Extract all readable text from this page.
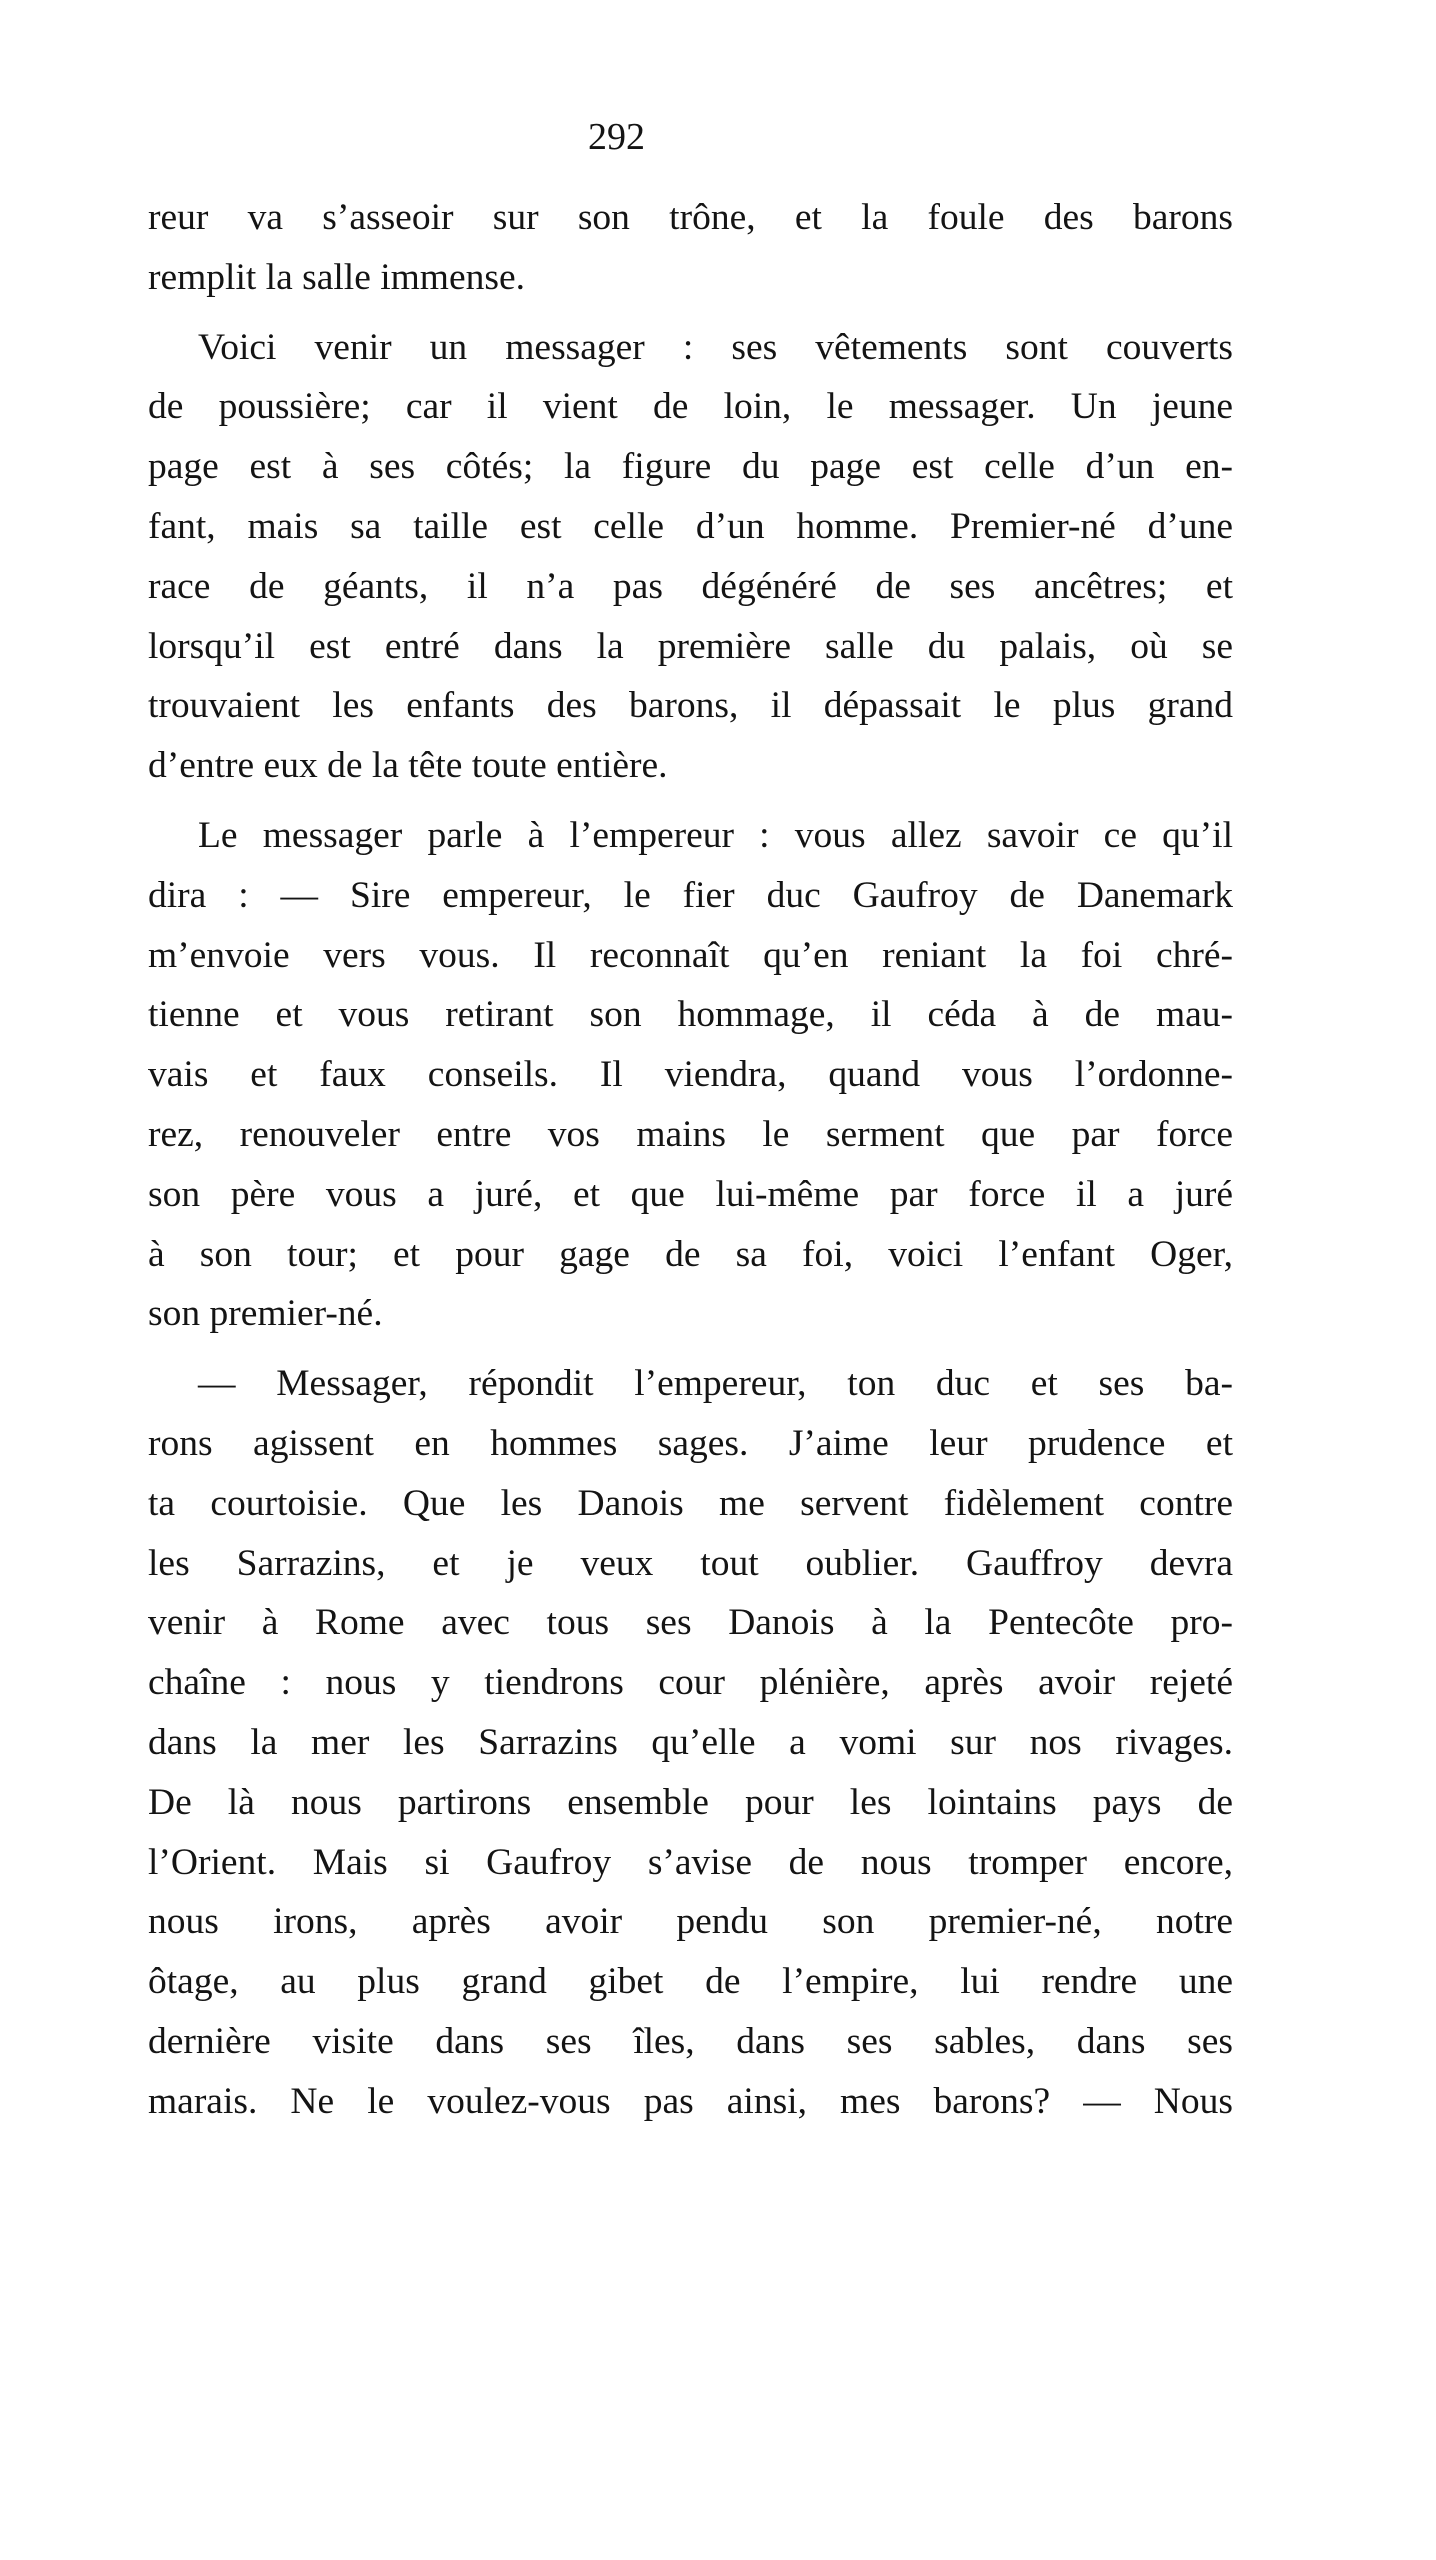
292
reur va s’asseoir sur son trône, et la foule des barons
remplit la salle immense.
Voici venir un messager : ses vêtements sont couverts
de poussière; car il vient de loin, le messager. Un jeune
page est à ses côtés; la figure du page est celle d’un en-
fant, mais sa taille est celle d’un homme. Premier-né d’une
race de géants, il n’a pas dégénéré de ses ancêtres; et
lorsqu’il est entré dans la première salle du palais, où se
trouvaient les enfants des barons, il dépassait le plus grand
d’entre eux de la tête toute entière.
Le messager parle à l’empereur : vous allez savoir ce qu’il
dira : — Sire empereur, le fier duc Gaufroy de Danemark
m’envoie vers vous. Il reconnaît qu’en reniant la foi chré-
tienne et vous retirant son hommage, il céda à de mau-
vais et faux conseils. Il viendra, quand vous l’ordonne-
rez, renouveler entre vos mains le serment que par force
son père vous a juré, et que lui-même par force il a juré
à son tour; et pour gage de sa foi, voici l’enfant Oger,
son premier-né.
— Messager, répondit l’empereur, ton duc et ses ba-
rons agissent en hommes sages. J’aime leur prudence et
ta courtoisie. Que les Danois me servent fidèlement contre
les Sarrazins, et je veux tout oublier. Gauffroy devra
venir à Rome avec tous ses Danois à la Pentecôte pro-
chaîne : nous y tiendrons cour plénière, après avoir rejeté
dans la mer les Sarrazins qu’elle a vomi sur nos rivages.
De là nous partirons ensemble pour les lointains pays de
l’Orient. Mais si Gaufroy s’avise de nous tromper encore,
nous irons, après avoir pendu son premier-né, notre
ôtage, au plus grand gibet de l’empire, lui rendre une
dernière visite dans ses îles, dans ses sables, dans ses
marais. Ne le voulez-vous pas ainsi, mes barons? — Nous
